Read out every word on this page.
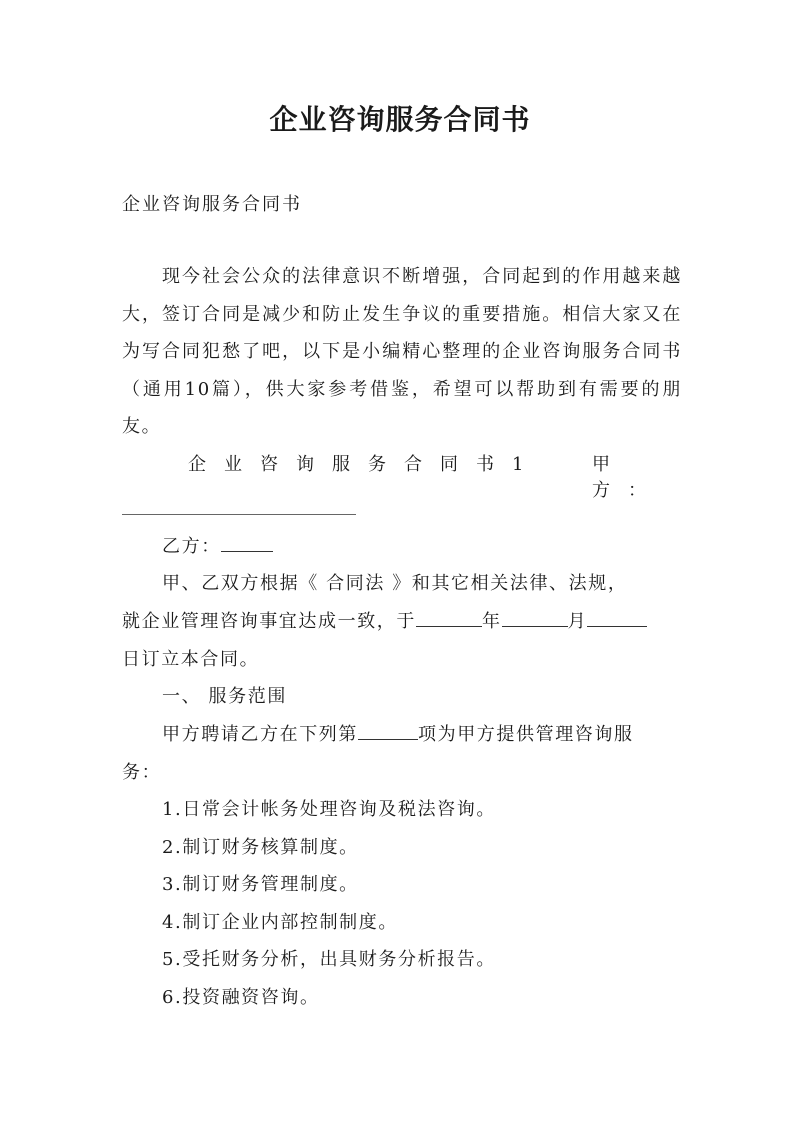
企业咨询服务合同书
企业咨询服务合同书
现今社会公众的法律意识不断增强，合同起到的作用越来越大，签订合同是减少和防止发生争议的重要措施。相信大家又在为写合同犯愁了吧，以下是小编精心整理的企业咨询服务合同书（通用10篇），供大家参考借鉴，希望可以帮助到有需要的朋友。
企业咨询服务合同书1	甲方：
乙方：
甲、乙双方根据《 合同法 》和其它相关法律、法规，
就企业管理咨询事宜达成一致，于	年	月
日订立本合同。
一、 服务范围
甲方聘请乙方在下列第	项为甲方提供管理咨询服
务：
1.日常会计帐务处理咨询及税法咨询。
2.制订财务核算制度。
3.制订财务管理制度。
4.制订企业内部控制制度。
5.受托财务分析，出具财务分析报告。
6.投资融资咨询。
